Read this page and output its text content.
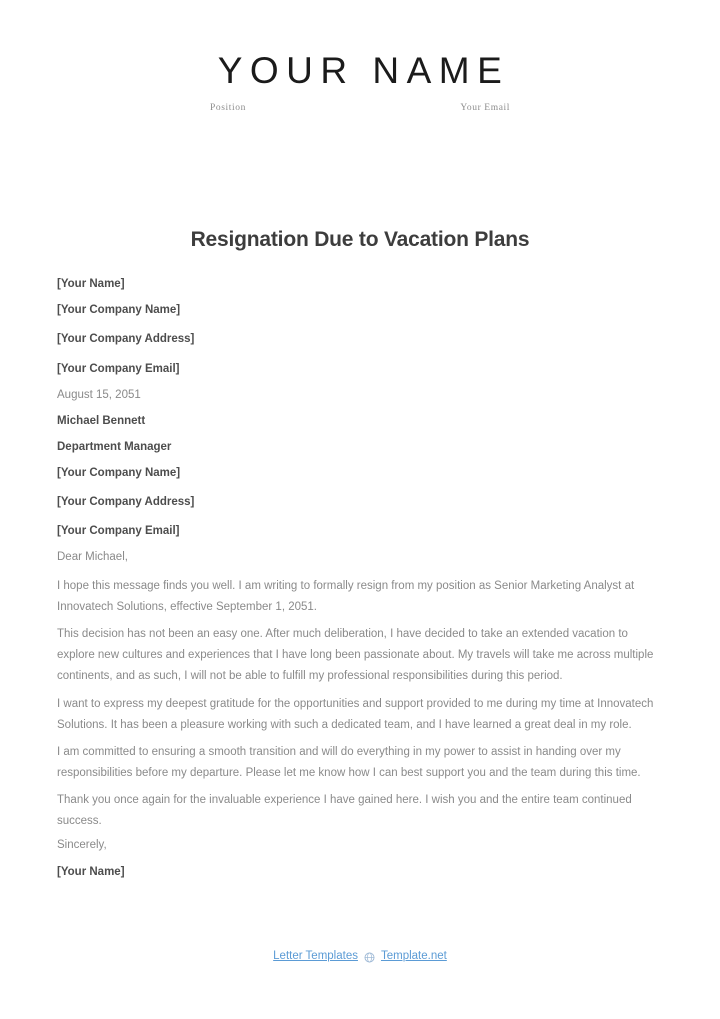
YOUR NAME
Position	Your Email
Resignation Due to Vacation Plans
[Your Name]
[Your Company Name]
[Your Company Address]
[Your Company Email]
August 15, 2051
Michael Bennett
Department Manager
[Your Company Name]
[Your Company Address]
[Your Company Email]
Dear Michael,

I hope this message finds you well. I am writing to formally resign from my position as Senior Marketing Analyst at Innovatech Solutions, effective September 1, 2051.

This decision has not been an easy one. After much deliberation, I have decided to take an extended vacation to explore new cultures and experiences that I have long been passionate about. My travels will take me across multiple continents, and as such, I will not be able to fulfill my professional responsibilities during this period.

I want to express my deepest gratitude for the opportunities and support provided to me during my time at Innovatech Solutions. It has been a pleasure working with such a dedicated team, and I have learned a great deal in my role.

I am committed to ensuring a smooth transition and will do everything in my power to assist in handing over my responsibilities before my departure. Please let me know how I can best support you and the team during this time.

Thank you once again for the invaluable experience I have gained here. I wish you and the entire team continued success.

Sincerely,
[Your Name]
Letter Templates Template.net
